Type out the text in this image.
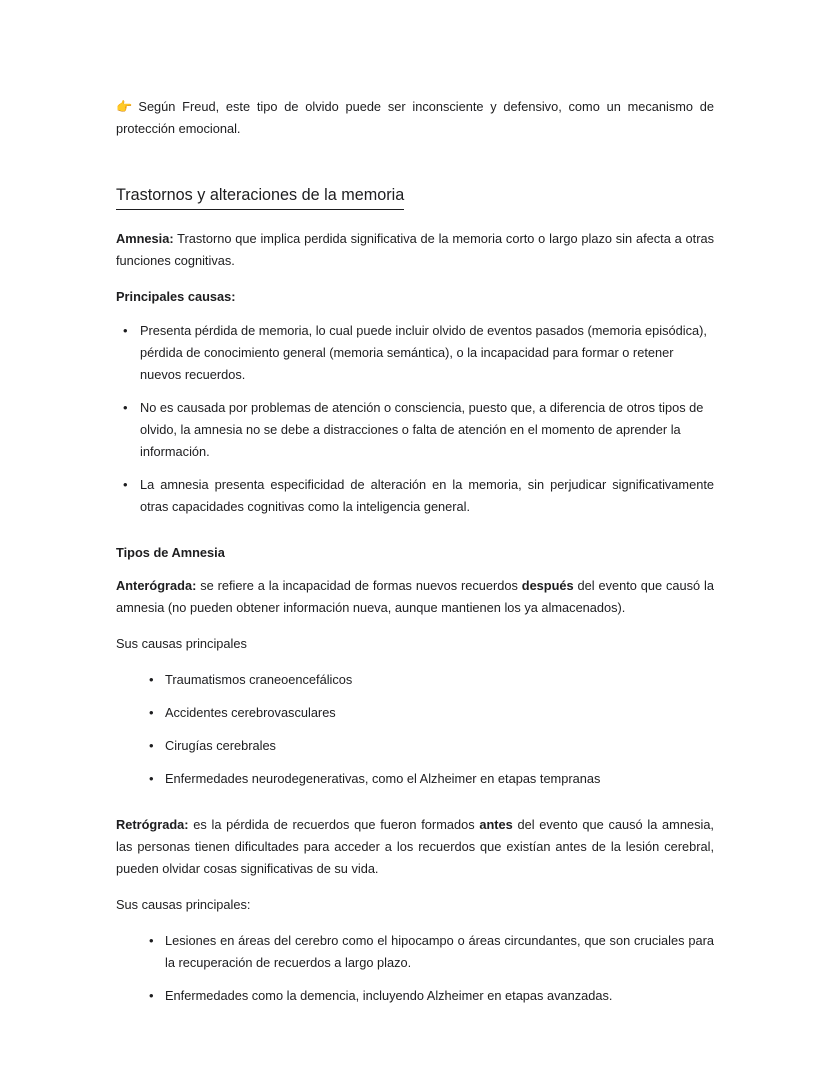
👉 Según Freud, este tipo de olvido puede ser inconsciente y defensivo, como un mecanismo de protección emocional.

Trastornos y alteraciones de la memoria

Amnesia: Trastorno que implica perdida significativa de la memoria corto o largo plazo sin afecta a otras funciones cognitivas.

Principales causas:

• Presenta pérdida de memoria, lo cual puede incluir olvido de eventos pasados (memoria episódica), pérdida de conocimiento general (memoria semántica), o la incapacidad para formar o retener nuevos recuerdos.
• No es causada por problemas de atención o consciencia, puesto que, a diferencia de otros tipos de olvido, la amnesia no se debe a distracciones o falta de atención en el momento de aprender la información.
• La amnesia presenta especificidad de alteración en la memoria, sin perjudicar significativamente otras capacidades cognitivas como la inteligencia general.

Tipos de Amnesia

Anterógrada: se refiere a la incapacidad de formas nuevos recuerdos después del evento que causó la amnesia (no pueden obtener información nueva, aunque mantienen los ya almacenados).

Sus causas principales

• Traumatismos craneoencefálicos
• Accidentes cerebrovasculares
• Cirugías cerebrales
• Enfermedades neurodegenerativas, como el Alzheimer en etapas tempranas

Retrógrada: es la pérdida de recuerdos que fueron formados antes del evento que causó la amnesia, las personas tienen dificultades para acceder a los recuerdos que existían antes de la lesión cerebral, pueden olvidar cosas significativas de su vida.

Sus causas principales:

• Lesiones en áreas del cerebro como el hipocampo o áreas circundantes, que son cruciales para la recuperación de recuerdos a largo plazo.
• Enfermedades como la demencia, incluyendo Alzheimer en etapas avanzadas.
